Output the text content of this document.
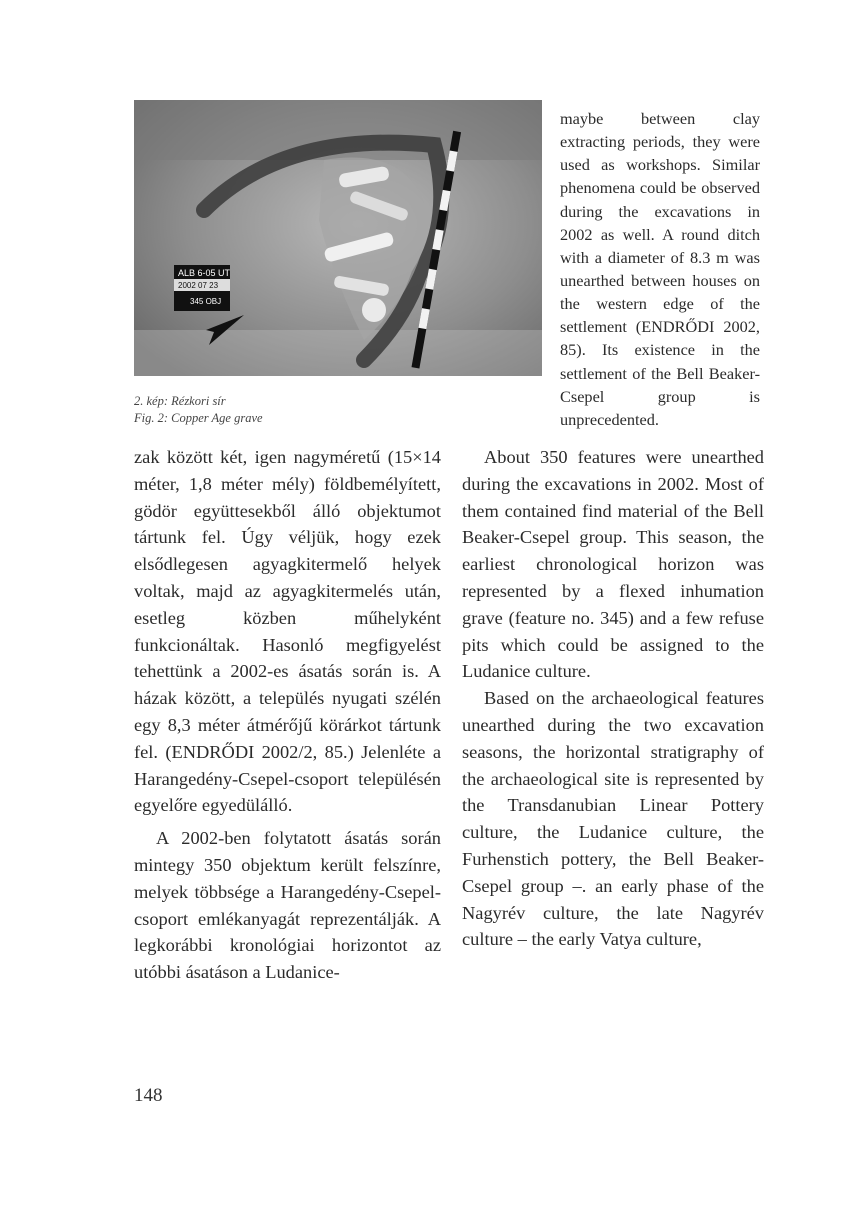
ALB 6-05 UT
2002 07 23
345 OBJ
2. kép: Rézkori sír
Fig. 2: Copper Age grave

maybe between clay extracting periods, they were used as workshops. Similar phenomena could be observed during the excavations in 2002 as well. A round ditch with a diameter of 8.3 m was unearthed between houses on the western edge of the settlement (ENDRŐDI 2002, 85). Its existence in the settlement of the Bell Beaker-Csepel group is unprecedented.

zak között két, igen nagyméretű (15×14 méter, 1,8 méter mély) földbemélyített, gödör együttesekből álló objektumot tártunk fel. Úgy véljük, hogy ezek elsődlegesen agyagkitermelő helyek voltak, majd az agyagkitermelés után, esetleg közben műhelyként funkcionáltak. Hasonló megfigyelést tehettünk a 2002-es ásatás során is. A házak között, a település nyugati szélén egy 8,3 méter átmérőjű körárkot tártunk fel. (ENDRŐDI 2002/2, 85.) Jelenléte a Harangedény-Csepel-csoport településén egyelőre egyedülálló.

A 2002-ben folytatott ásatás során mintegy 350 objektum került felszínre, melyek többsége a Harangedény-Csepel-csoport emlékanyagát reprezentálják. A legkorábbi kronológiai horizontot az utóbbi ásatáson a Ludanice-

About 350 features were unearthed during the excavations in 2002. Most of them contained find material of the Bell Beaker-Csepel group. This season, the earliest chronological horizon was represented by a flexed inhumation grave (feature no. 345) and a few refuse pits which could be assigned to the Ludanice culture.

Based on the archaeological features unearthed during the two excavation seasons, the horizontal stratigraphy of the archaeological site is represented by the Transdanubian Linear Pottery culture, the Ludanice culture, the Furhenstich pottery, the Bell Beaker-Csepel group –. an early phase of the Nagyrév culture, the late Nagyrév culture – the early Vatya culture,

148
